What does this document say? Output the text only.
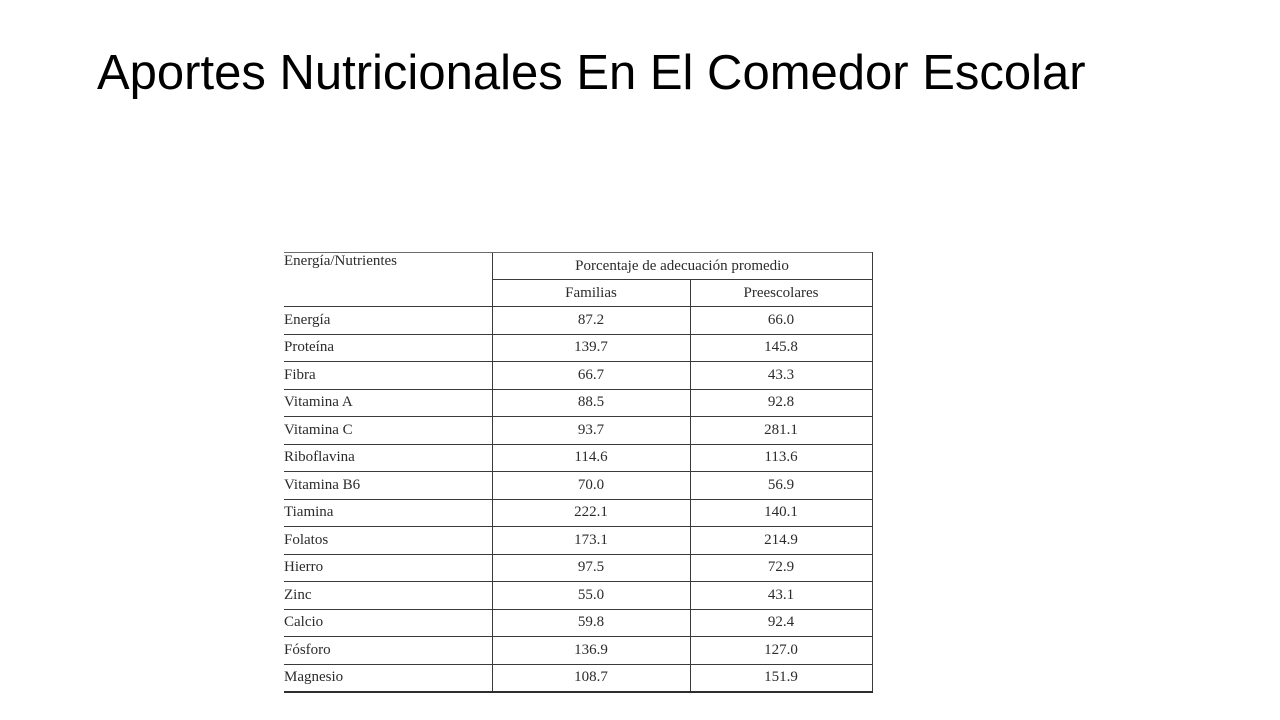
Aportes Nutricionales En El Comedor Escolar
Energía/Nutrientes	Porcentaje de adecuación promedio	
	Familias	Preescolares
Energía	87.2	66.0
Proteína	139.7	145.8
Fibra	66.7	43.3
Vitamina A	88.5	92.8
Vitamina C	93.7	281.1
Riboflavina	114.6	113.6
Vitamina B6	70.0	56.9
Tiamina	222.1	140.1
Folatos	173.1	214.9
Hierro	97.5	72.9
Zinc	55.0	43.1
Calcio	59.8	92.4
Fósforo	136.9	127.0
Magnesio	108.7	151.9
